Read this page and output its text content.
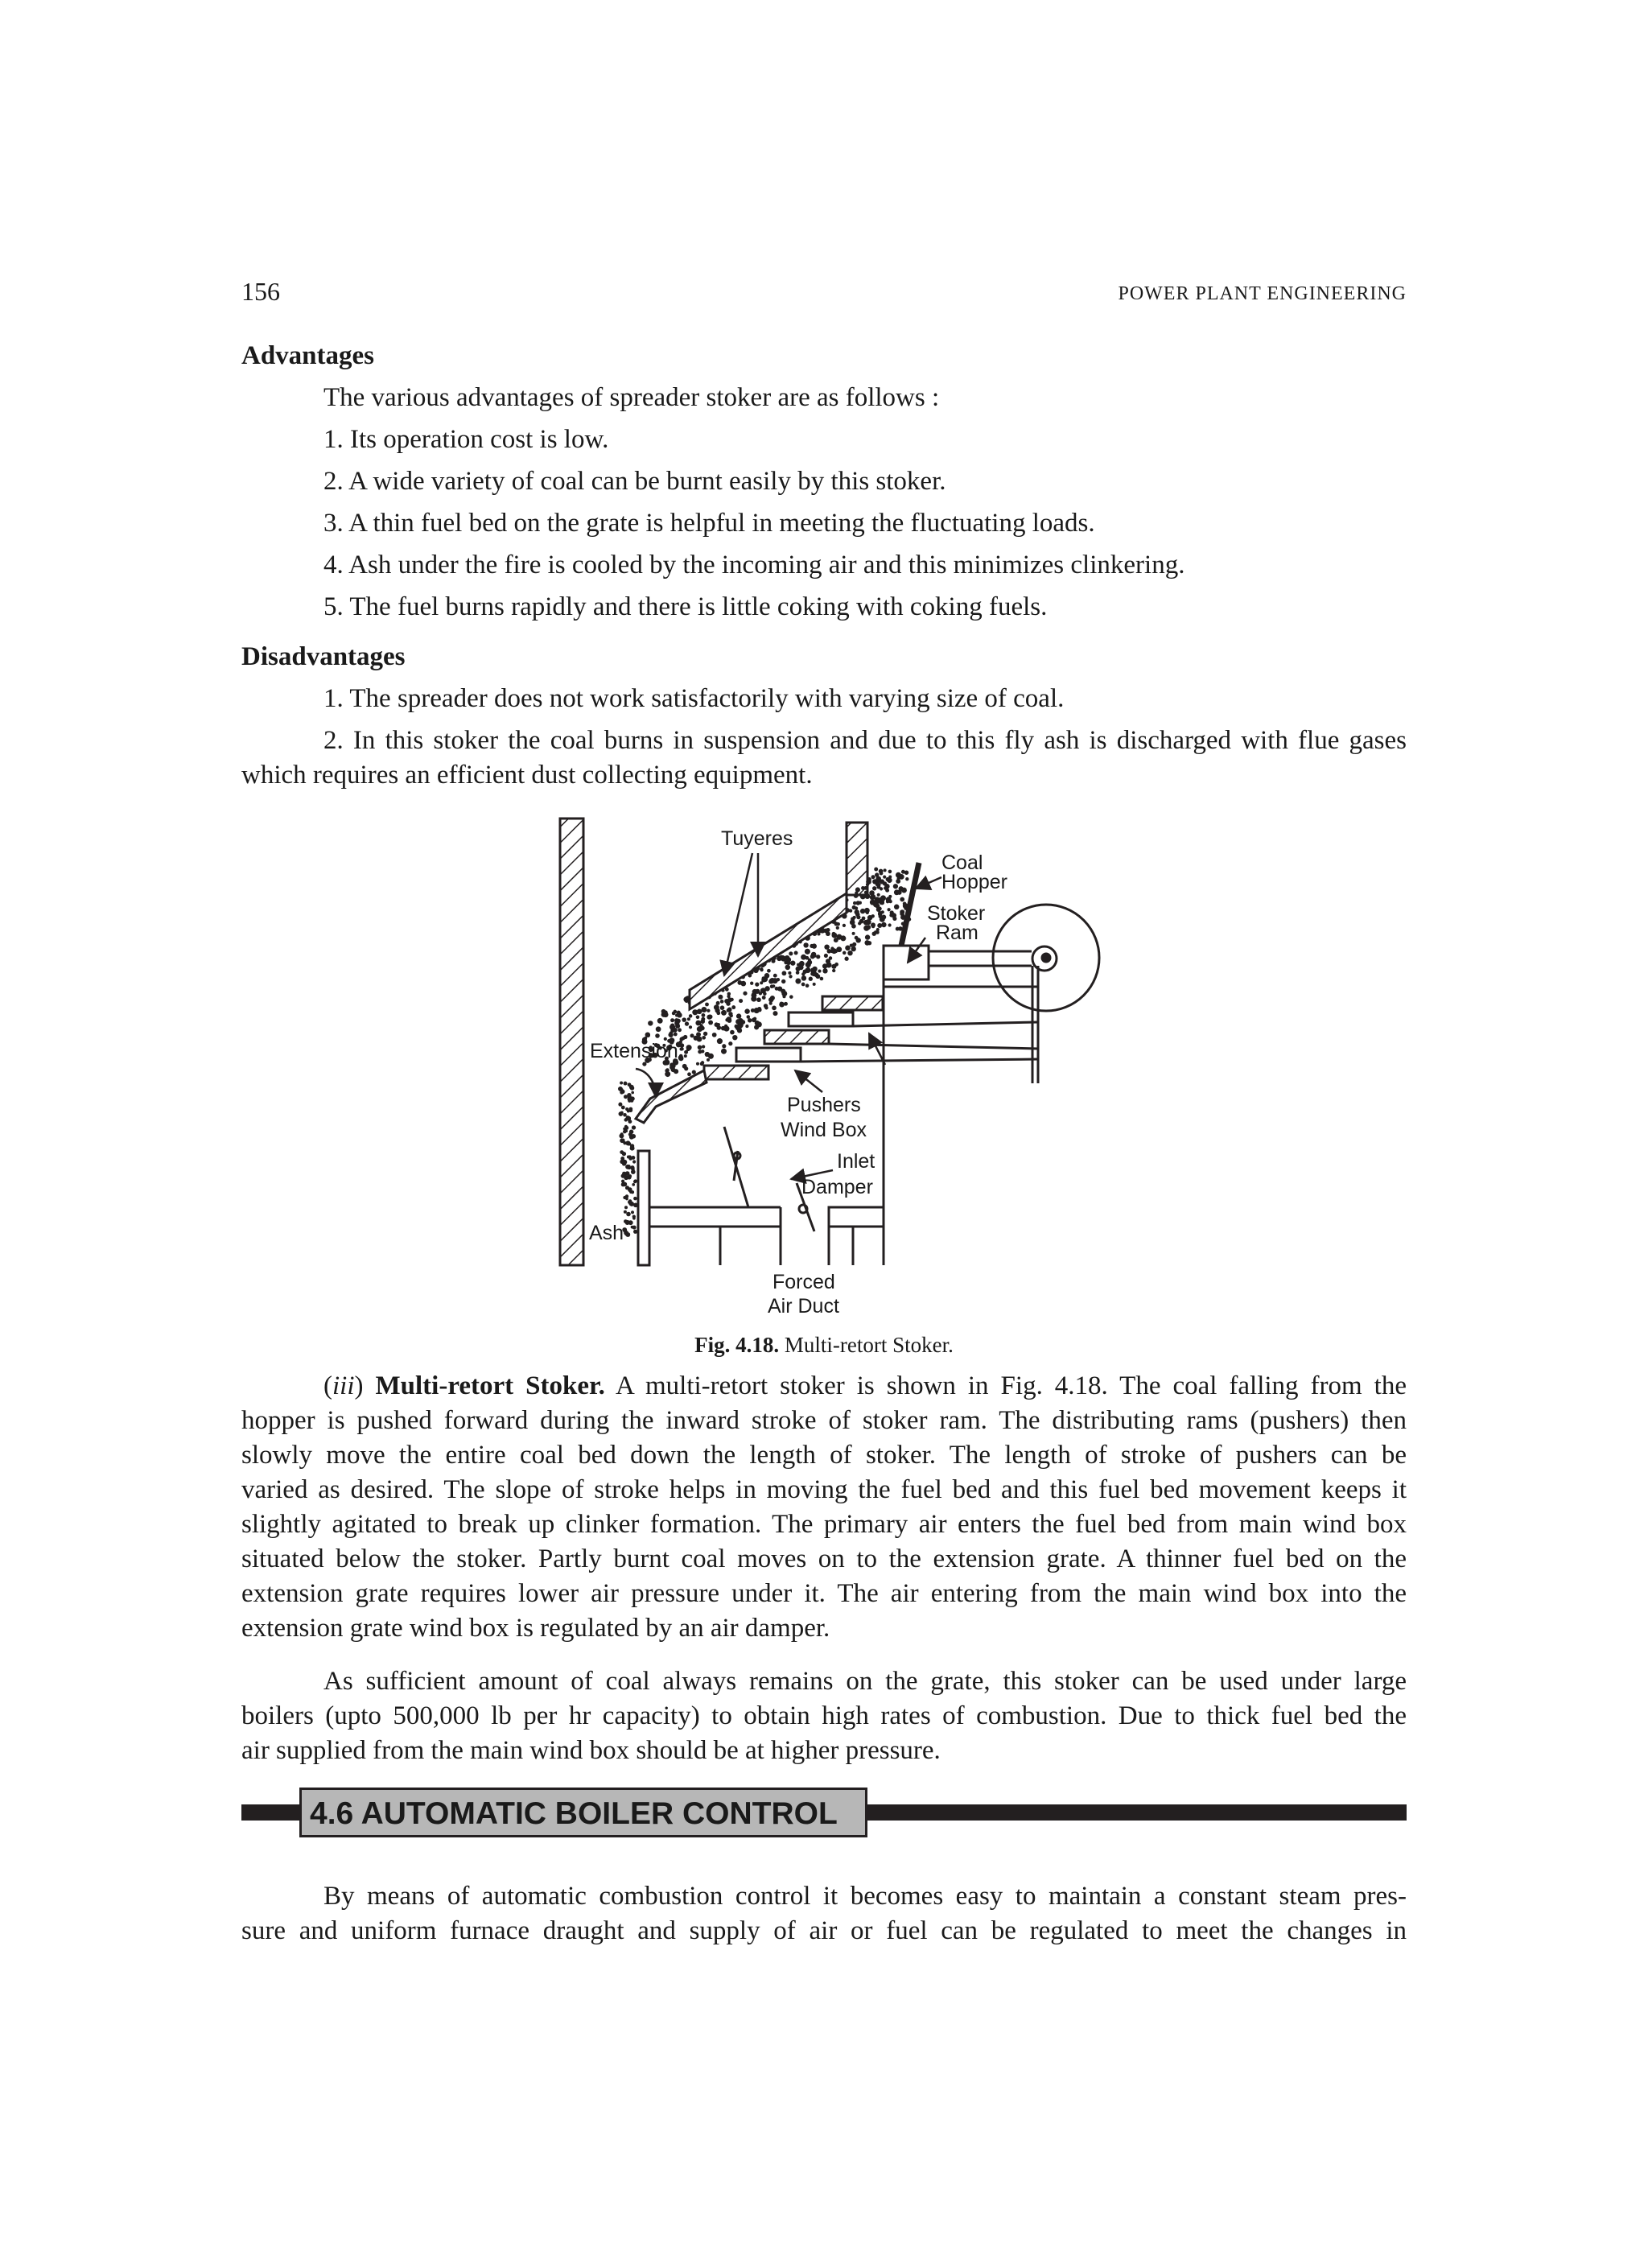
156	POWER PLANT ENGINEERING
Advantages
The various advantages of spreader stoker are as follows :
1. Its operation cost is low.
2. A wide variety of coal can be burnt easily by this stoker.
3. A thin fuel bed on the grate is helpful in meeting the fluctuating loads.
4. Ash under the fire is cooled by the incoming air and this minimizes clinkering.
5. The fuel burns rapidly and there is little coking with coking fuels.
Disadvantages
1. The spreader does not work satisfactorily with varying size of coal.
2. In this stoker the coal burns in suspension and due to this fly ash is discharged with flue gases
which requires an efficient dust collecting equipment.
Tuyeres
Coal
Hopper
Stoker
Ram
Extension
Pushers
Wind Box
Inlet
Damper
Ash
Forced
Air Duct
Fig. 4.18. Multi-retort Stoker.
(iii) Multi-retort Stoker. A multi-retort stoker is shown in Fig. 4.18. The coal falling from the
hopper is pushed forward during the inward stroke of stoker ram. The distributing rams (pushers) then
slowly move the entire coal bed down the length of stoker. The length of stroke of pushers can be
varied as desired. The slope of stroke helps in moving the fuel bed and this fuel bed movement keeps it
slightly agitated to break up clinker formation. The primary air enters the fuel bed from main wind box
situated below the stoker. Partly burnt coal moves on to the extension grate. A thinner fuel bed on the
extension grate requires lower air pressure under it. The air entering from the main wind box into the
extension grate wind box is regulated by an air damper.
As sufficient amount of coal always remains on the grate, this stoker can be used under large
boilers (upto 500,000 lb per hr capacity) to obtain high rates of combustion. Due to thick fuel bed the
air supplied from the main wind box should be at higher pressure.
4.6 AUTOMATIC BOILER CONTROL
By means of automatic combustion control it becomes easy to maintain a constant steam pres-
sure and uniform furnace draught and supply of air or fuel can be regulated to meet the changes in
